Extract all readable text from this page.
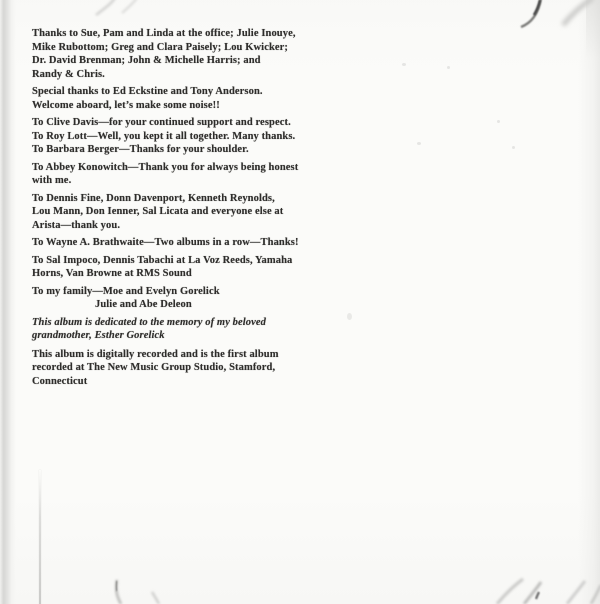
Thanks to Sue, Pam and Linda at the office; Julie Inouye,
Mike Rubottom; Greg and Clara Paisely; Lou Kwicker;
Dr. David Brenman; John & Michelle Harris; and
Randy & Chris.
Special thanks to Ed Eckstine and Tony Anderson.
Welcome aboard, let’s make some noise!!
To Clive Davis—for your continued support and respect.
To Roy Lott—Well, you kept it all together. Many thanks.
To Barbara Berger—Thanks for your shoulder.
To Abbey Konowitch—Thank you for always being honest
with me.
To Dennis Fine, Donn Davenport, Kenneth Reynolds,
Lou Mann, Don Ienner, Sal Licata and everyone else at
Arista—thank you.
To Wayne A. Brathwaite—Two albums in a row—Thanks!
To Sal Impoco, Dennis Tabachi at La Voz Reeds, Yamaha
Horns, Van Browne at RMS Sound
To my family—Moe and Evelyn Gorelick
Julie and Abe Deleon
This album is dedicated to the memory of my beloved
grandmother, Esther Gorelick
This album is digitally recorded and is the first album
recorded at The New Music Group Studio, Stamford,
Connecticut
